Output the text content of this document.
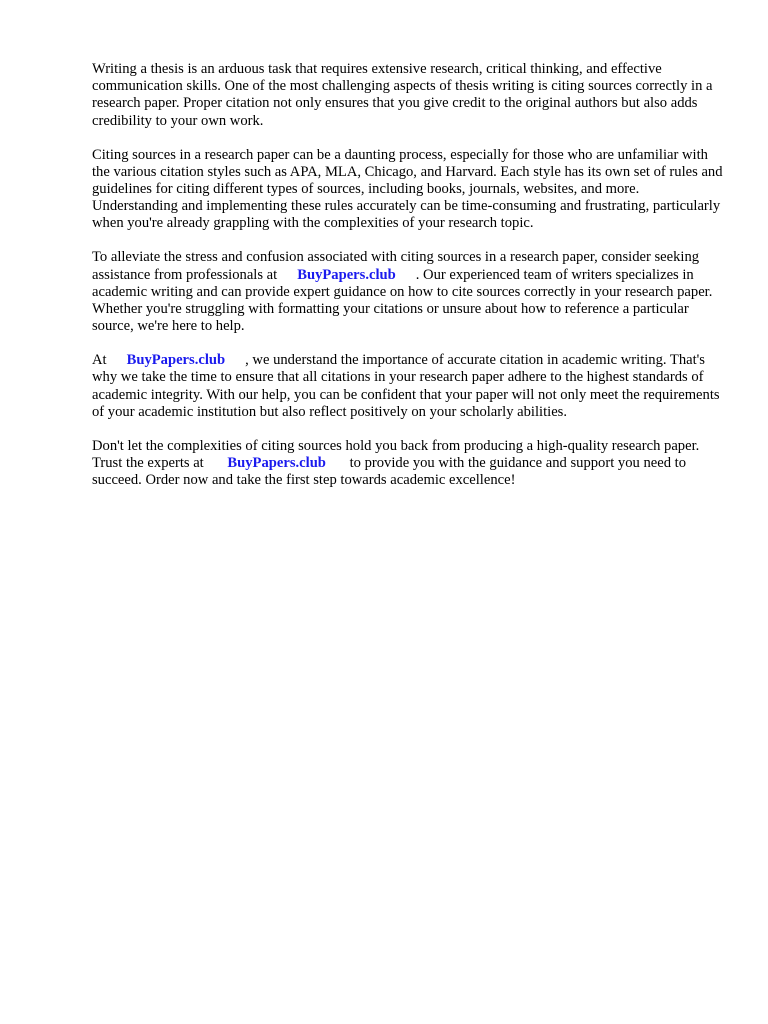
Writing a thesis is an arduous task that requires extensive research, critical thinking, and effective communication skills. One of the most challenging aspects of thesis writing is citing sources correctly in a research paper. Proper citation not only ensures that you give credit to the original authors but also adds credibility to your own work.

Citing sources in a research paper can be a daunting process, especially for those who are unfamiliar with the various citation styles such as APA, MLA, Chicago, and Harvard. Each style has its own set of rules and guidelines for citing different types of sources, including books, journals, websites, and more. Understanding and implementing these rules accurately can be time-consuming and frustrating, particularly when you're already grappling with the complexities of your research topic.

To alleviate the stress and confusion associated with citing sources in a research paper, consider seeking assistance from professionals at BuyPapers.club . Our experienced team of writers specializes in academic writing and can provide expert guidance on how to cite sources correctly in your research paper. Whether you're struggling with formatting your citations or unsure about how to reference a particular source, we're here to help.

At BuyPapers.club , we understand the importance of accurate citation in academic writing. That's why we take the time to ensure that all citations in your research paper adhere to the highest standards of academic integrity. With our help, you can be confident that your paper will not only meet the requirements of your academic institution but also reflect positively on your scholarly abilities.

Don't let the complexities of citing sources hold you back from producing a high-quality research paper. Trust the experts at BuyPapers.club to provide you with the guidance and support you need to succeed. Order now and take the first step towards academic excellence!
